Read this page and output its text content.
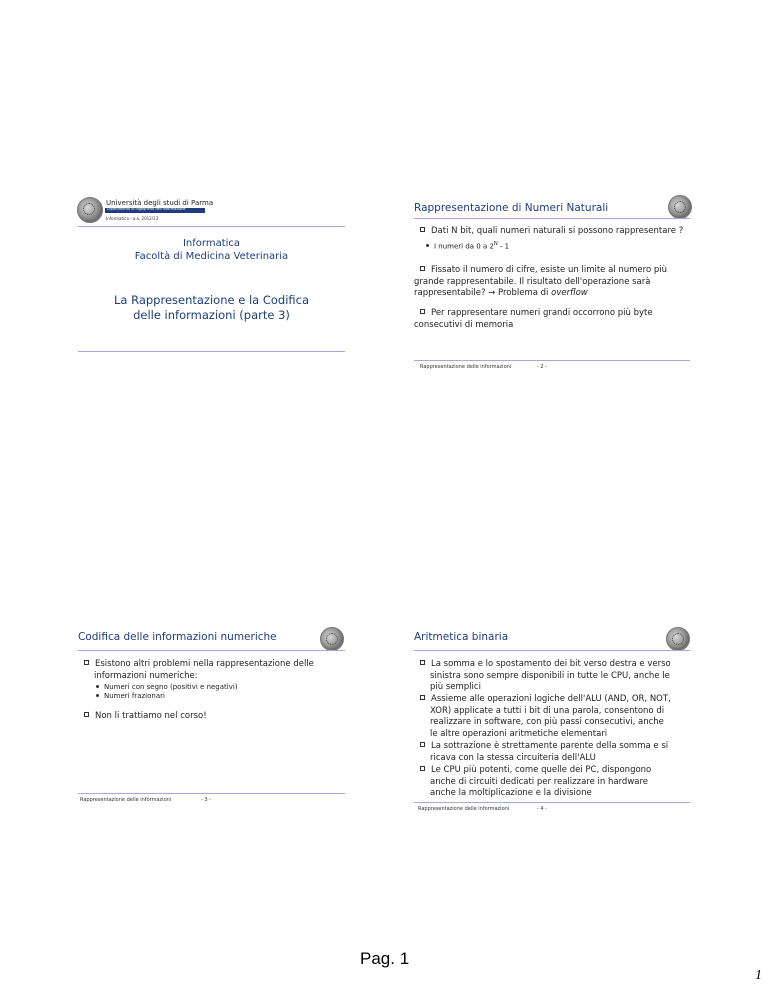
Università degli studi di Parma
Dipartimento di Ingegneria dell'Informazione
Informatica - a.a. 2012/13
Informatica
Facoltà di Medicina Veterinaria
La Rappresentazione e la Codifica
delle informazioni (parte 3)
Rappresentazione di Numeri Naturali
Dati N bit, quali numeri naturali si possono rappresentare ?
I numeri da 0 a $2^N - 1$
Fissato il numero di cifre, esiste un limite al numero più
grande rappresentabile. Il risultato dell'operazione sarà
rappresentabile? → Problema di overflow
Per rappresentare numeri grandi occorrono più byte
consecutivi di memoria
Rappresentazione delle informazioni	- 2 -
Codifica delle informazioni numeriche
Esistono altri problemi nella rappresentazione delle
informazioni numeriche:
Numeri con segno (positivi e negativi)
Numeri frazionari
Non li trattiamo nel corso!
Rappresentazione delle informazioni	- 3 -
Aritmetica binaria
La somma e lo spostamento dei bit verso destra e verso
sinistra sono sempre disponibili in tutte le CPU, anche le
più semplici
Assieme alle operazioni logiche dell'ALU (AND, OR, NOT,
XOR) applicate a tutti i bit di una parola, consentono di
realizzare in software, con più passi consecutivi, anche
le altre operazioni aritmetiche elementari
La sottrazione è strettamente parente della somma e si
ricava con la stessa circuiteria dell'ALU
Le CPU più potenti, come quelle dei PC, dispongono
anche di circuiti dedicati per realizzare in hardware
anche la moltiplicazione e la divisione
Rappresentazione delle informazioni	- 4 -
Pag. 1
1
